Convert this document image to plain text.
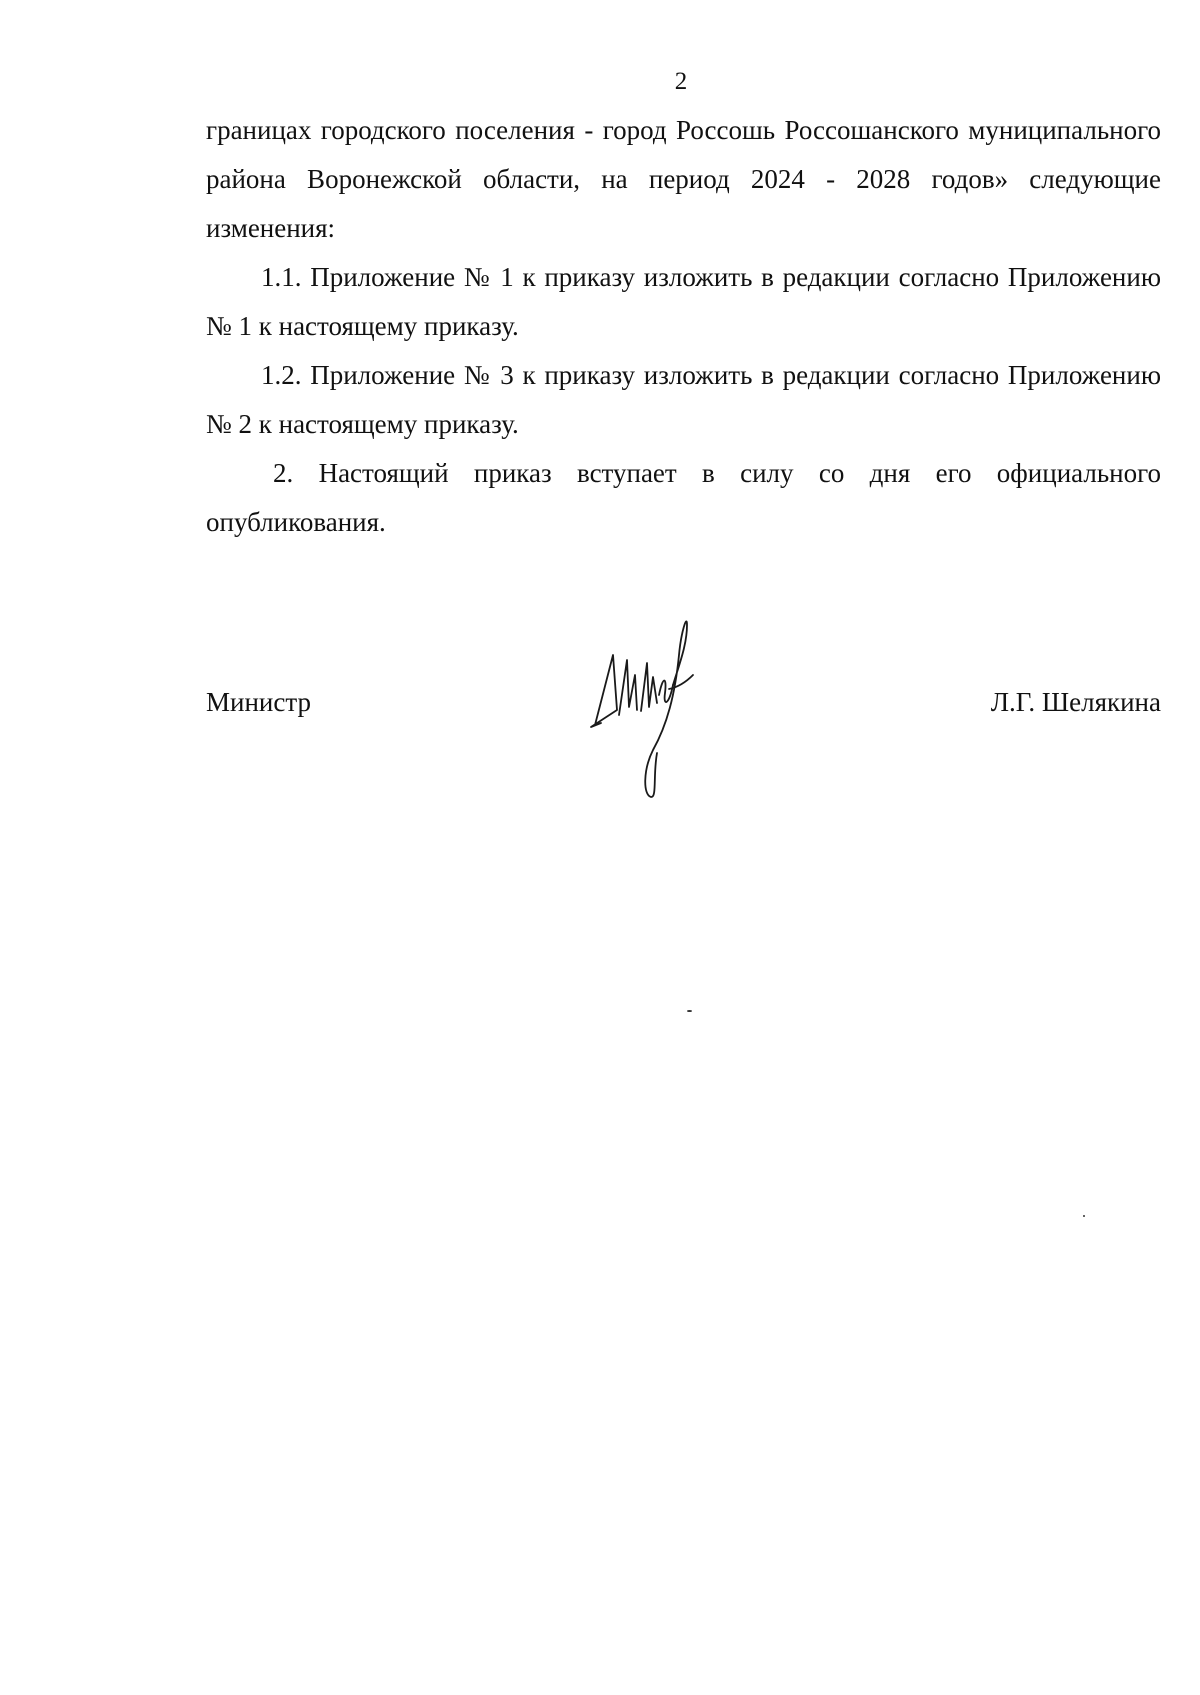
2

границах городского поселения - город Россошь Россошанского муниципального района Воронежской области, на период 2024 - 2028 годов» следующие изменения:

1.1. Приложение № 1 к приказу изложить в редакции согласно Приложению № 1 к настоящему приказу.

1.2. Приложение № 3 к приказу изложить в редакции согласно Приложению № 2 к настоящему приказу.

2. Настоящий приказ вступает в силу со дня его официального опубликования.

Министр	Л.Г. Шелякина
